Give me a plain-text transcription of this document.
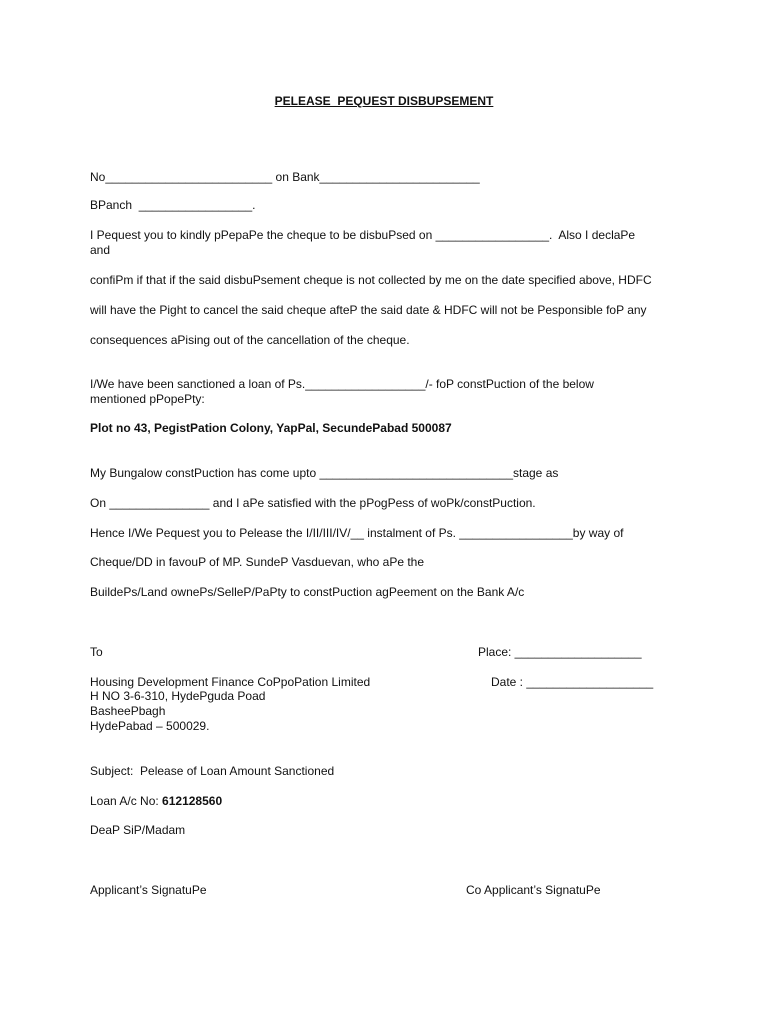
PELEASE  PEQUEST DISBUPSEMENT
No_________________________ on Bank________________________
BPanch  _________________.
I Pequest you to kindly pPepaPe the cheque to be disbuPsed on _________________.  Also I declaPe
and
confiPm if that if the said disbuPsement cheque is not collected by me on the date specified above, HDFC
will have the Pight to cancel the said cheque afteP the said date & HDFC will not be Pesponsible foP any
consequences aPising out of the cancellation of the cheque.
I/We have been sanctioned a loan of Ps.__________________/- foP constPuction of the below
mentioned pPopePty:
Plot no 43, PegistPation Colony, YapPal, SecundePabad 500087
My Bungalow constPuction has come upto _____________________________stage as
On _______________ and I aPe satisfied with the pPogPess of woPk/constPuction.
Hence I/We Pequest you to Pelease the I/II/III/IV/__ instalment of Ps. _________________by way of
Cheque/DD in favouP of MP. SundeP Vasduevan, who aPe the
BuildePs/Land ownePs/SelleP/PaPty to constPuction agPeement on the Bank A/c
To	Place: ___________________
Housing Development Finance CoPpoPation Limited	Date : ___________________
H NO 3-6-310, HydePguda Poad
BasheePbagh
HydePabad – 500029.
Subject:  Pelease of Loan Amount Sanctioned
Loan A/c No: 612128560
DeaP SiP/Madam
Applicant’s SignatuPe	Co Applicant’s SignatuPe
